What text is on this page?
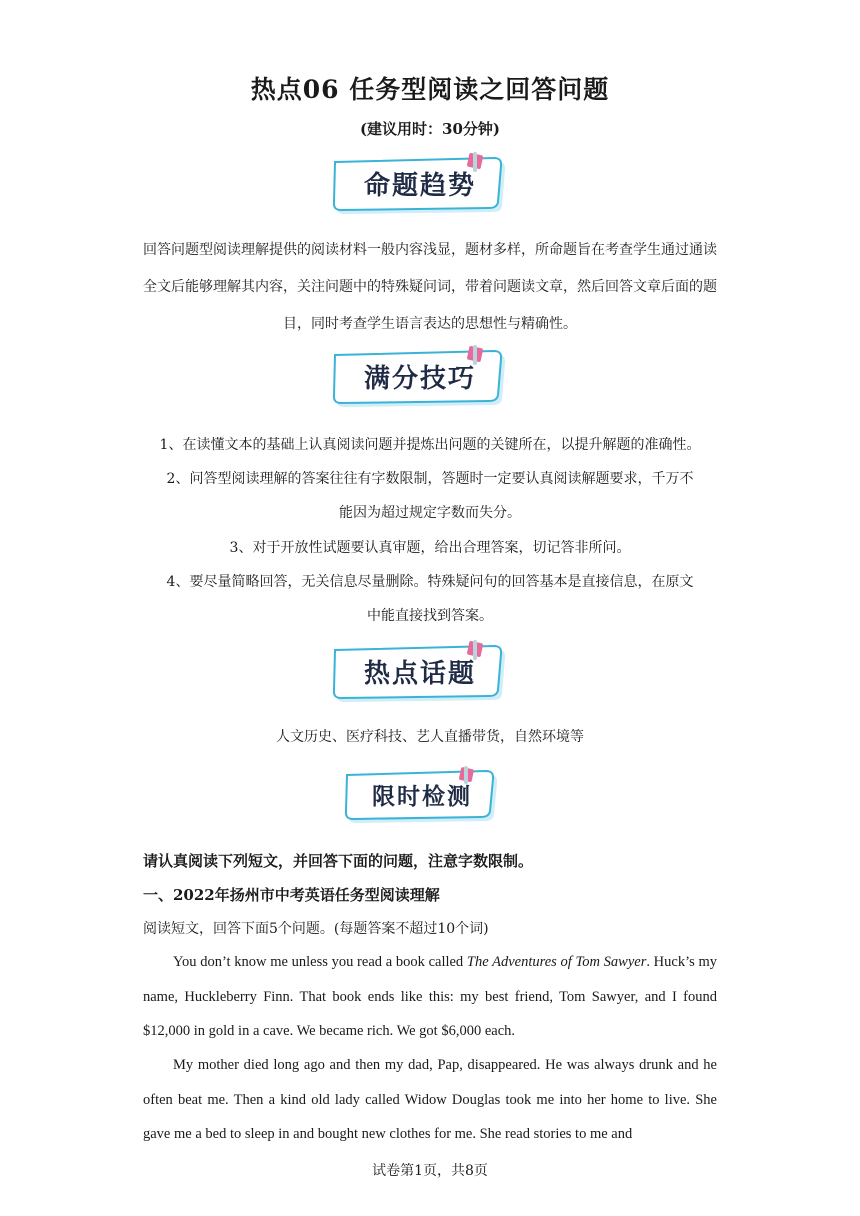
热点06 任务型阅读之回答问题
(建议用时：30分钟)
命题趋势
回答问题型阅读理解提供的阅读材料一般内容浅显，题材多样，所命题旨在考查学生通过通读全文后能够理解其内容，关注问题中的特殊疑问词，带着问题读文章，然后回答文章后面的题目，同时考查学生语言表达的思想性与精确性。
满分技巧
1、在读懂文本的基础上认真阅读问题并提炼出问题的关键所在，以提升解题的准确性。
2、问答型阅读理解的答案往往有字数限制，答题时一定要认真阅读解题要求，千万不
能因为超过规定字数而失分。
3、对于开放性试题要认真审题，给出合理答案，切记答非所问。
4、要尽量简略回答，无关信息尽量删除。特殊疑问句的回答基本是直接信息，在原文
中能直接找到答案。
热点话题
人文历史、医疗科技、艺人直播带货，自然环境等
限时检测
请认真阅读下列短文，并回答下面的问题，注意字数限制。
一、2022年扬州市中考英语任务型阅读理解
阅读短文，回答下面5个问题。(每题答案不超过10个词)
You don’t know me unless you read a book called The Adventures of Tom Sawyer. Huck’s my name, Huckleberry Finn. That book ends like this: my best friend, Tom Sawyer, and I found $12,000 in gold in a cave. We became rich. We got $6,000 each.
My mother died long ago and then my dad, Pap, disappeared. He was always drunk and he often beat me. Then a kind old lady called Widow Douglas took me into her home to live. She gave me a bed to sleep in and bought new clothes for me. She read stories to me and
试卷第1页，共8页
